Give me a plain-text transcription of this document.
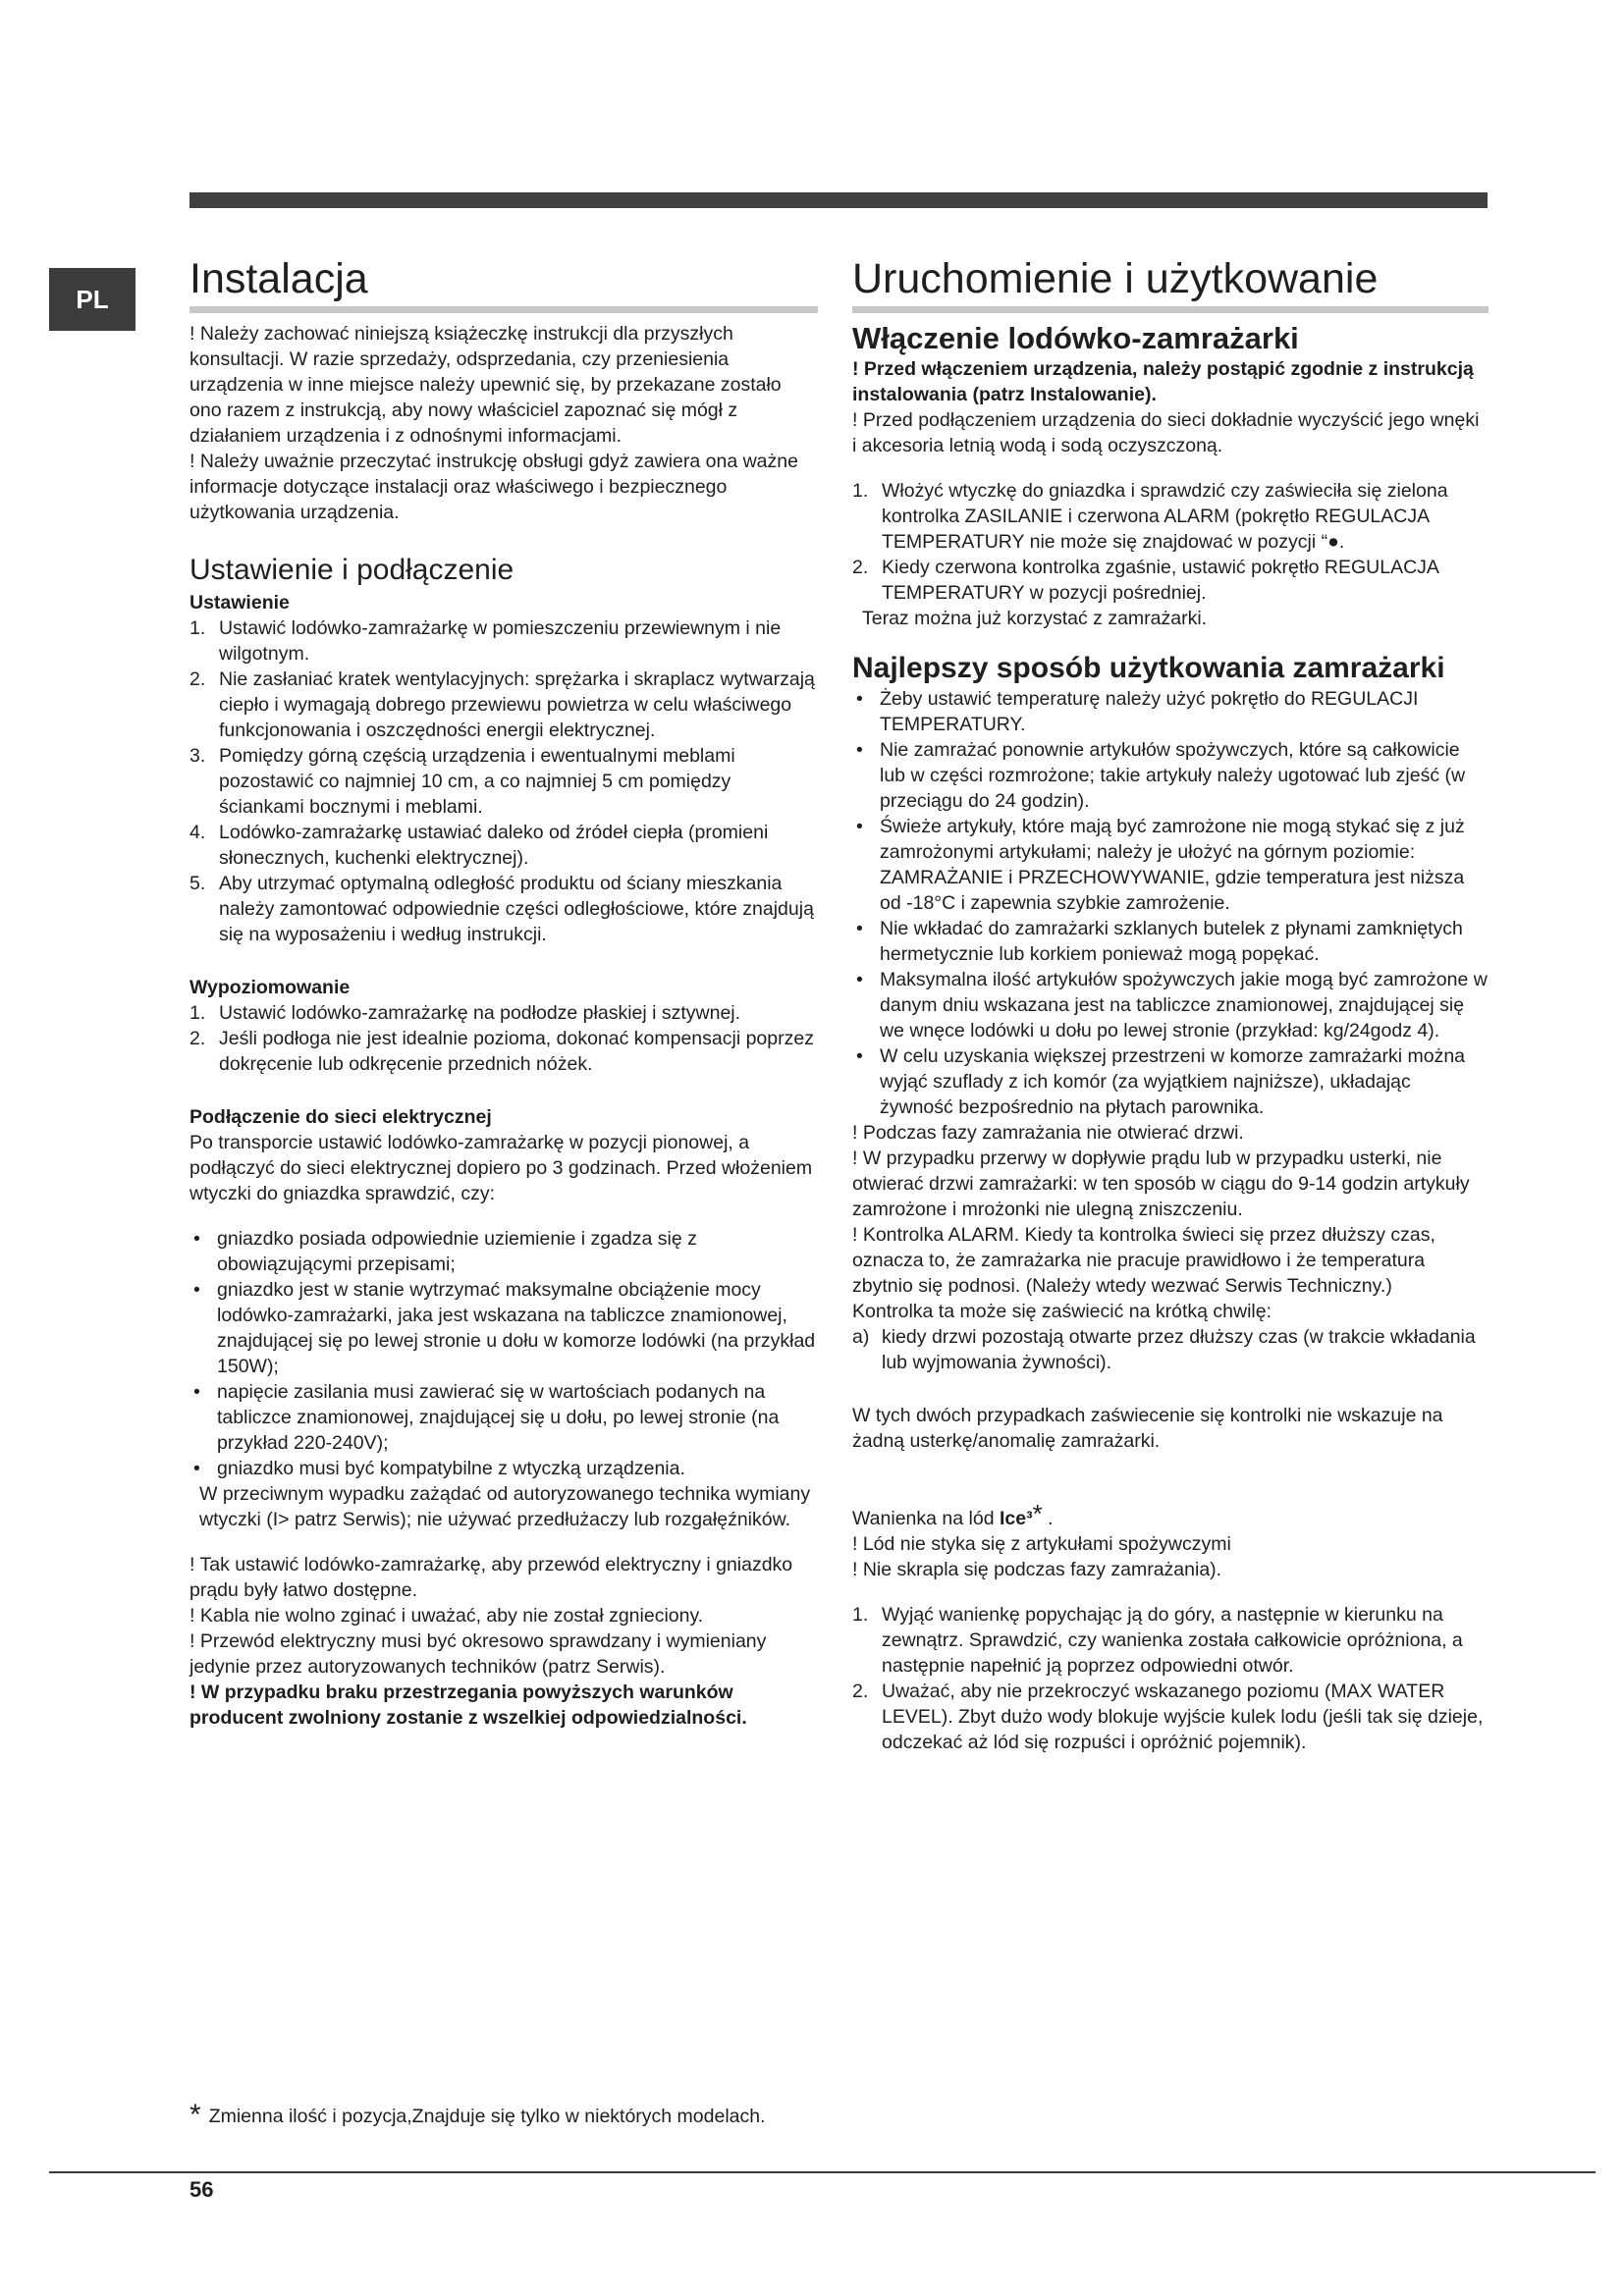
PL	Instalacja

! Należy zachować niniejszą książeczkę instrukcji dla przyszłych konsultacji. W razie sprzedaży, odsprzedania, czy przeniesienia urządzenia w inne miejsce należy upewnić się, by przekazane zostało ono razem z instrukcją, aby nowy właściciel zapoznać się mógł z działaniem urządzenia i z odnośnymi informacjami.

! Należy uważnie przeczytać instrukcję obsługi gdyż zawiera ona ważne informacje dotyczące instalacji oraz właściwego i bezpiecznego użytkowania urządzenia.

Ustawienie i podłączenie

Ustawienie

1. Ustawić lodówko-zamrażarkę w pomieszczeniu przewiewnym i nie wilgotnym.
2. Nie zasłaniać kratek wentylacyjnych: sprężarka i skraplacz wytwarzają ciepło i wymagają dobrego przewiewu powietrza w celu właściwego funkcjonowania i oszczędności energii elektrycznej.
3. Pomiędzy górną częścią urządzenia i ewentualnymi meblami pozostawić co najmniej 10 cm, a co najmniej 5 cm pomiędzy ściankami bocznymi i meblami.
4. Lodówko-zamrażarkę ustawiać daleko od źródeł ciepła (promieni słonecznych, kuchenki elektrycznej).
5. Aby utrzymać optymalną odległość produktu od ściany mieszkania należy zamontować odpowiednie części odległościowe, które znajdują się na wyposażeniu i według instrukcji.

Wypoziomowanie

1. Ustawić lodówko-zamrażarkę na podłodze płaskiej i sztywnej.
2. Jeśli podłoga nie jest idealnie pozioma, dokonać kompensacji poprzez dokręcenie lub odkręcenie przednich nóżek.

Podłączenie do sieci elektrycznej

Po transporcie ustawić lodówko-zamrażarkę w pozycji pionowej, a podłączyć do sieci elektrycznej dopiero po 3 godzinach. Przed włożeniem wtyczki do gniazdka sprawdzić, czy:

• gniazdko posiada odpowiednie uziemienie i zgadza się z obowiązującymi przepisami;
• gniazdko jest w stanie wytrzymać maksymalne obciążenie mocy lodówko-zamrażarki, jaka jest wskazana na tabliczce znamionowej, znajdującej się po lewej stronie u dołu w komorze lodówki (na przykład 150W);
• napięcie zasilania musi zawierać się w wartościach podanych na tabliczce znamionowej, znajdującej się u dołu, po lewej stronie (na przykład 220-240V);
• gniazdko musi być kompatybilne z wtyczką urządzenia.

W przeciwnym wypadku zażądać od autoryzowanego technika wymiany wtyczki (I> patrz Serwis); nie używać przedłużaczy lub rozgałęźników.

! Tak ustawić lodówko-zamrażarkę, aby przewód elektryczny i gniazdko prądu były łatwo dostępne.

! Kabla nie wolno zginać i uważać, aby nie został zgnieciony.

! Przewód elektryczny musi być okresowo sprawdzany i wymieniany jedynie przez autoryzowanych techników (patrz Serwis).

! W przypadku braku przestrzegania powyższych warunków producent zwolniony zostanie z wszelkiej odpowiedzialności.

Uruchomienie i użytkowanie
Włączenie lodówko-zamrażarki

! Przed włączeniem urządzenia, należy postąpić zgodnie z instrukcją instalowania (patrz Instalowanie).

! Przed podłączeniem urządzenia do sieci dokładnie wyczyścić jego wnęki i akcesoria letnią wodą i sodą oczyszczoną.

1. Włożyć wtyczkę do gniazdka i sprawdzić czy zaświeciła się zielona kontrolka ZASILANIE i czerwona ALARM (pokrętło REGULACJA TEMPERATURY nie może się znajdować w pozycji “●.
2. Kiedy czerwona kontrolka zgaśnie, ustawić pokrętło REGULACJA TEMPERATURY w pozycji pośredniej.

Teraz można już korzystać z zamrażarki.

Najlepszy sposób użytkowania zamrażarki
• Żeby ustawić temperaturę należy użyć pokrętło do REGULACJI TEMPERATURY.
• Nie zamrażać ponownie artykułów spożywczych, które są całkowicie lub w części rozmrożone; takie artykuły należy ugotować lub zjeść (w przeciągu do 24 godzin).
• Świeże artykuły, które mają być zamrożone nie mogą stykać się z już zamrożonymi artykułami; należy je ułożyć na górnym poziomie: ZAMRAŻANIE i PRZECHOWYWANIE, gdzie temperatura jest niższa od -18°C i zapewnia szybkie zamrożenie.
• Nie wkładać do zamrażarki szklanych butelek z płynami zamkniętych hermetycznie lub korkiem ponieważ mogą popękać.
• Maksymalna ilość artykułów spożywczych jakie mogą być zamrożone w danym dniu wskazana jest na tabliczce znamionowej, znajdującej się we wnęce lodówki u dołu po lewej stronie (przykład: kg/24godz 4).
• W celu uzyskania większej przestrzeni w komorze zamrażarki można wyjąć szuflady z ich komór (za wyjątkiem najniższe), układając żywność bezpośrednio na płytach parownika.

! Podczas fazy zamrażania nie otwierać drzwi.

! W przypadku przerwy w dopływie prądu lub w przypadku usterki, nie otwierać drzwi zamrażarki: w ten sposób w ciągu do 9-14 godzin artykuły zamrożone i mrożonki nie ulegną zniszczeniu.

! Kontrolka ALARM. Kiedy ta kontrolka świeci się przez dłuższy czas, oznacza to, że zamrażarka nie pracuje prawidłowo i że temperatura zbytnio się podnosi. (Należy wtedy wezwać Serwis Techniczny.)

Kontrolka ta może się zaświecić na krótką chwilę:

a) kiedy drzwi pozostają otwarte przez dłuższy czas (w trakcie wkładania lub wyjmowania żywności).

W tych dwóch przypadkach zaświecenie się kontrolki nie wskazuje na żadną usterkę/anomalię zamrażarki.

Wanienka na lód Ice³* .

! Lód nie styka się z artykułami spożywczymi

! Nie skrapla się podczas fazy zamrażania).

1. Wyjąć wanienkę popychając ją do góry, a następnie w kierunku na zewnątrz. Sprawdzić, czy wanienka została całkowicie opróżniona, a następnie napełnić ją poprzez odpowiedni otwór.
2. Uważać, aby nie przekroczyć wskazanego poziomu (MAX WATER LEVEL). Zbyt dużo wody blokuje wyjście kulek lodu (jeśli tak się dzieje, odczekać aż lód się rozpuści i opróżnić pojemnik).
* Zmienna ilość i pozycja,Znajduje się tylko w niektórych modelach.
56
